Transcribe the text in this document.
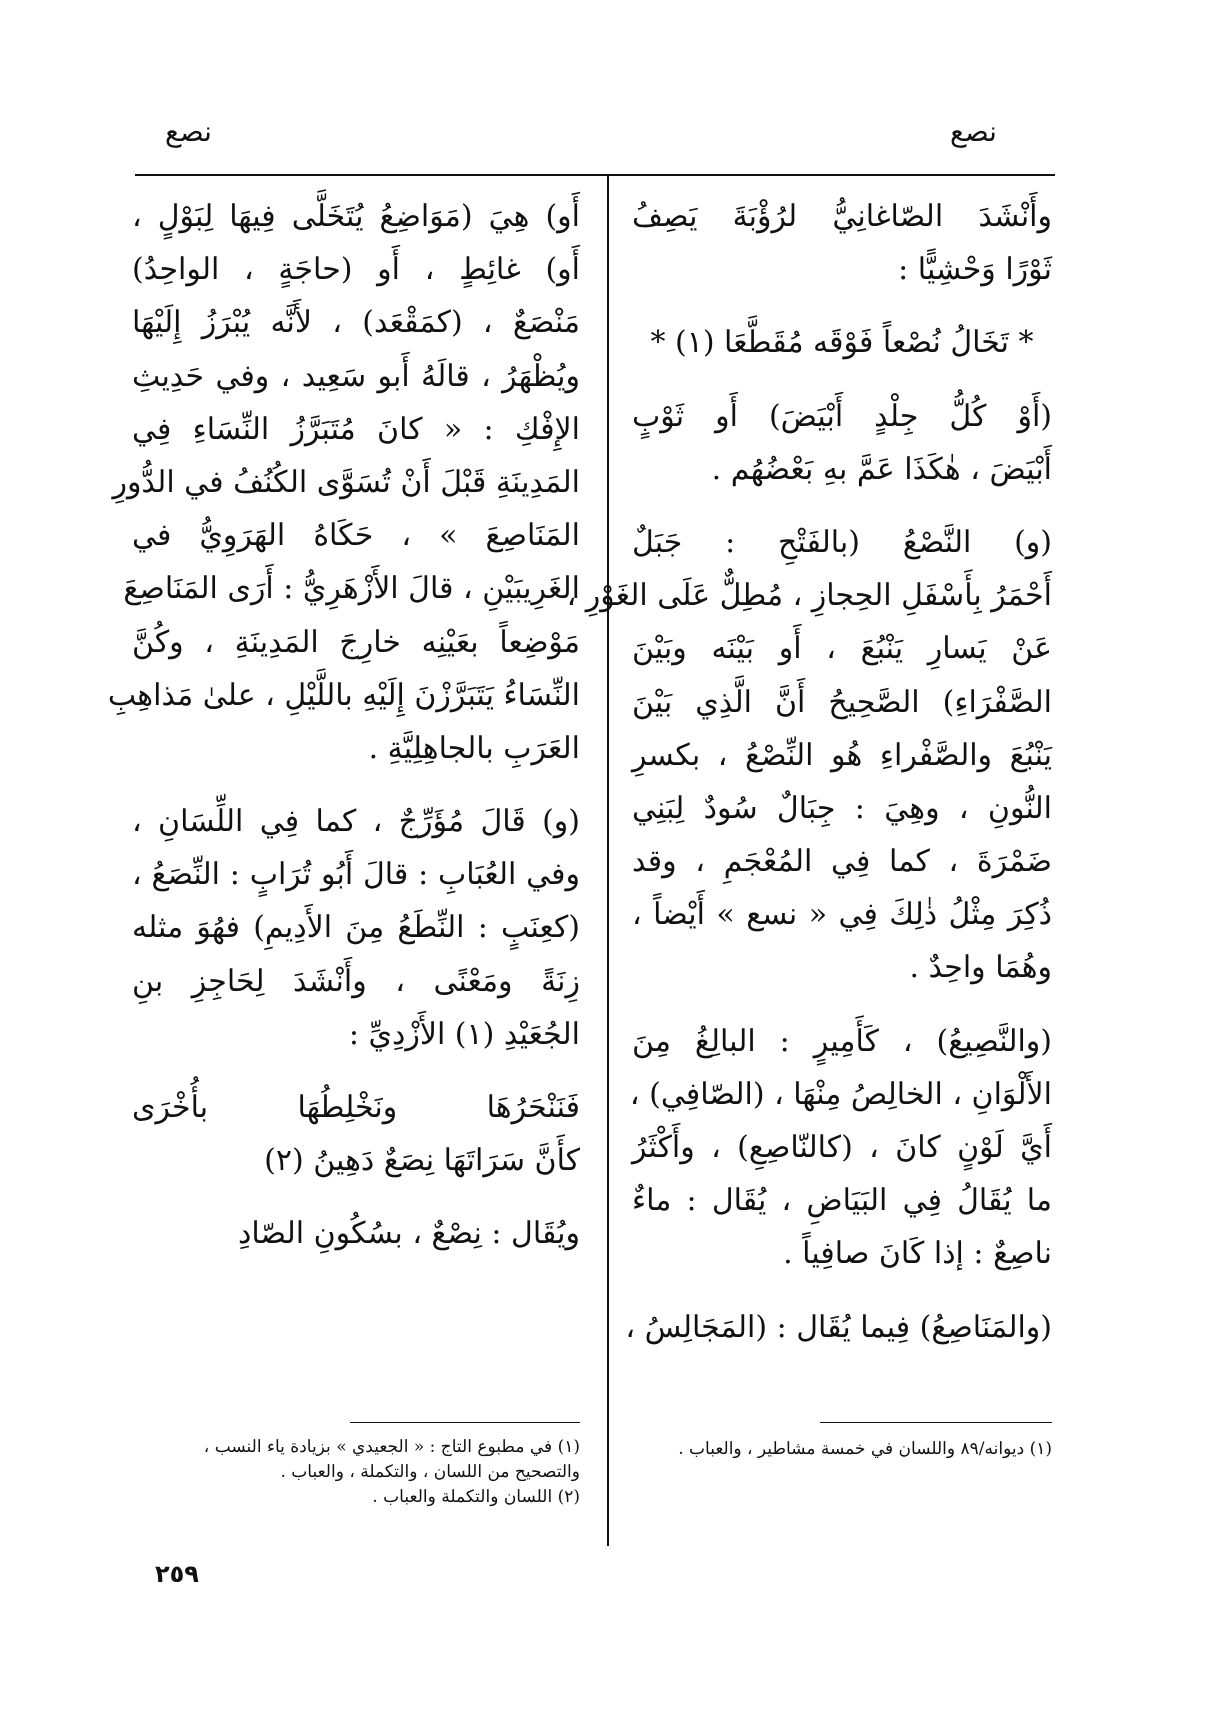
نصع
نصع
وأَنْشَدَ الصّاغانِيُّ لرُؤْبَةَ يَصِفُ
ثَوْرًا وَحْشِيًّا :
* تَخَالُ نُصْعاً فَوْقَه مُقَطَّعَا (١) *
(أَوْ كُلُّ جِلْدٍ أَبْيَضَ) أَو ثَوْبٍ
أَبْيَضَ ، هٰكَذَا عَمَّ بهِ بَعْضُهُم .
(و) النَّصْعُ (بالفَتْحِ : جَبَلٌ
أَحْمَرُ بِأَسْفَلِ الحِجازِ ، مُطِلٌّ عَلَى الغَوْرِ ،
عَنْ يَسارِ يَنْبُعَ ، أَو بَيْنَه وبَيْنَ
الصَّفْرَاءِ) الصَّحِيحُ أَنَّ الَّذِي بَيْنَ
يَنْبُعَ والصَّفْراءِ هُو النِّصْعُ ، بكسرِ
النُّونِ ، وهِيَ : جِبَالٌ سُودٌ لِبَنِي
ضَمْرَةَ ، كما فِي المُعْجَمِ ، وقد
ذُكِرَ مِثْلُ ذٰلِكَ فِي « نسع » أَيْضاً ،
وهُمَا واحِدٌ .
(والنَّصِيعُ) ، كَأَمِيرٍ : البالِغُ مِنَ
الأَلْوَانِ ، الخالِصُ مِنْهَا ، (الصّافِي) ،
أَيَّ لَوْنٍ كانَ ، (كالنّاصِعِ) ، وأَكْثَرُ
ما يُقَالُ فِي البَيَاضِ ، يُقَال : ماءٌ
ناصِعٌ : إذا كَانَ صافِياً .
(والمَنَاصِعُ) فِيما يُقَال : (المَجَالِسُ ،
أَو) هِيَ (مَوَاضِعُ يُتَخَلَّى فِيهَا لِبَوْلٍ ،
أَو) غائِطٍ ، أَو (حاجَةٍ ، الواحِدُ)
مَنْصَعٌ ، (كمَقْعَد) ، لأَنَّه يُبْرَزُ إِلَيْهَا
ويُظْهَرُ ، قالَهُ أَبو سَعِيد ، وفي حَدِيثِ
الإِفْكِ : « كانَ مُتَبَرَّزُ النِّسَاءِ فِي
المَدِينَةِ قَبْلَ أَنْ تُسَوَّى الكُنُفُ في الدُّورِ
المَنَاصِعَ » ، حَكَاهُ الهَرَوِيُّ في
الغَرِيبَيْنِ ، قالَ الأَزْهَرِيُّ : أَرَى المَنَاصِعَ
مَوْضِعاً بعَيْنِه خارِجَ المَدِينَةِ ، وكُنَّ
النِّسَاءُ يَتَبَرَّزْنَ إِلَيْهِ باللَّيْلِ ، علىٰ مَذاهِبِ
العَرَبِ بالجاهِلِيَّةِ .
(و) قَالَ مُؤَرِّجٌ ، كما فِي اللِّسَانِ ،
وفي العُبَابِ : قالَ أَبُو تُرَابٍ : النِّصَعُ ،
(كعِنَبٍ : النِّطَعُ مِنَ الأَدِيمِ) فهُوَ مثله
زِنَةً ومَعْنًى ، وأَنْشَدَ لِحَاجِزِ بنِ
الجُعَيْدِ (١) الأَزْدِيِّ :
فَنَنْحَرُهَا ونَخْلِطُهَا بأُخْرَى
كأَنَّ سَرَاتَهَا نِصَعٌ دَهِينُ (٢)
ويُقَال : نِصْعٌ ، بسُكُونِ الصّادِ
(١) في مطبوع التاج : « الجعيدي » بزيادة ياء النسب ،
والتصحيح من اللسان ، والتكملة ، والعباب .
(٢) اللسان والتكملة والعباب .
(١) ديوانه/٨٩ واللسان في خمسة مشاطير ، والعباب .
٢٥٩
